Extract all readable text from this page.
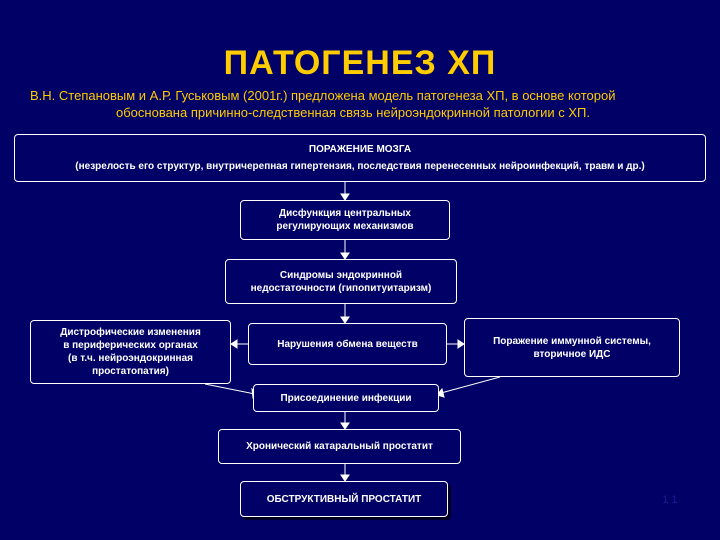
ПАТОГЕНЕЗ ХП
В.Н. Степановым и А.Р. Гуськовым (2001г.) предложена модель патогенеза ХП, в основе которой
обоснована причинно-следственная связь нейроэндокринной патологии с ХП.
ПОРАЖЕНИЕ МОЗГА
(незрелость его структур, внутричерепная гипертензия, последствия перенесенных нейроинфекций, травм и др.)
Дисфункция центральных
регулирующих механизмов
Синдромы эндокринной
недостаточности (гипопитуитаризм)
Дистрофические изменения
в периферических органах
(в т.ч. нейроэндокринная
простатопатия)
Нарушения обмена веществ	Поражение иммунной системы,
вторичное ИДС
Присоединение инфекции
Хронический катаральный простатит
ОБСТРУКТИВНЫЙ ПРОСТАТИТ	1 1
